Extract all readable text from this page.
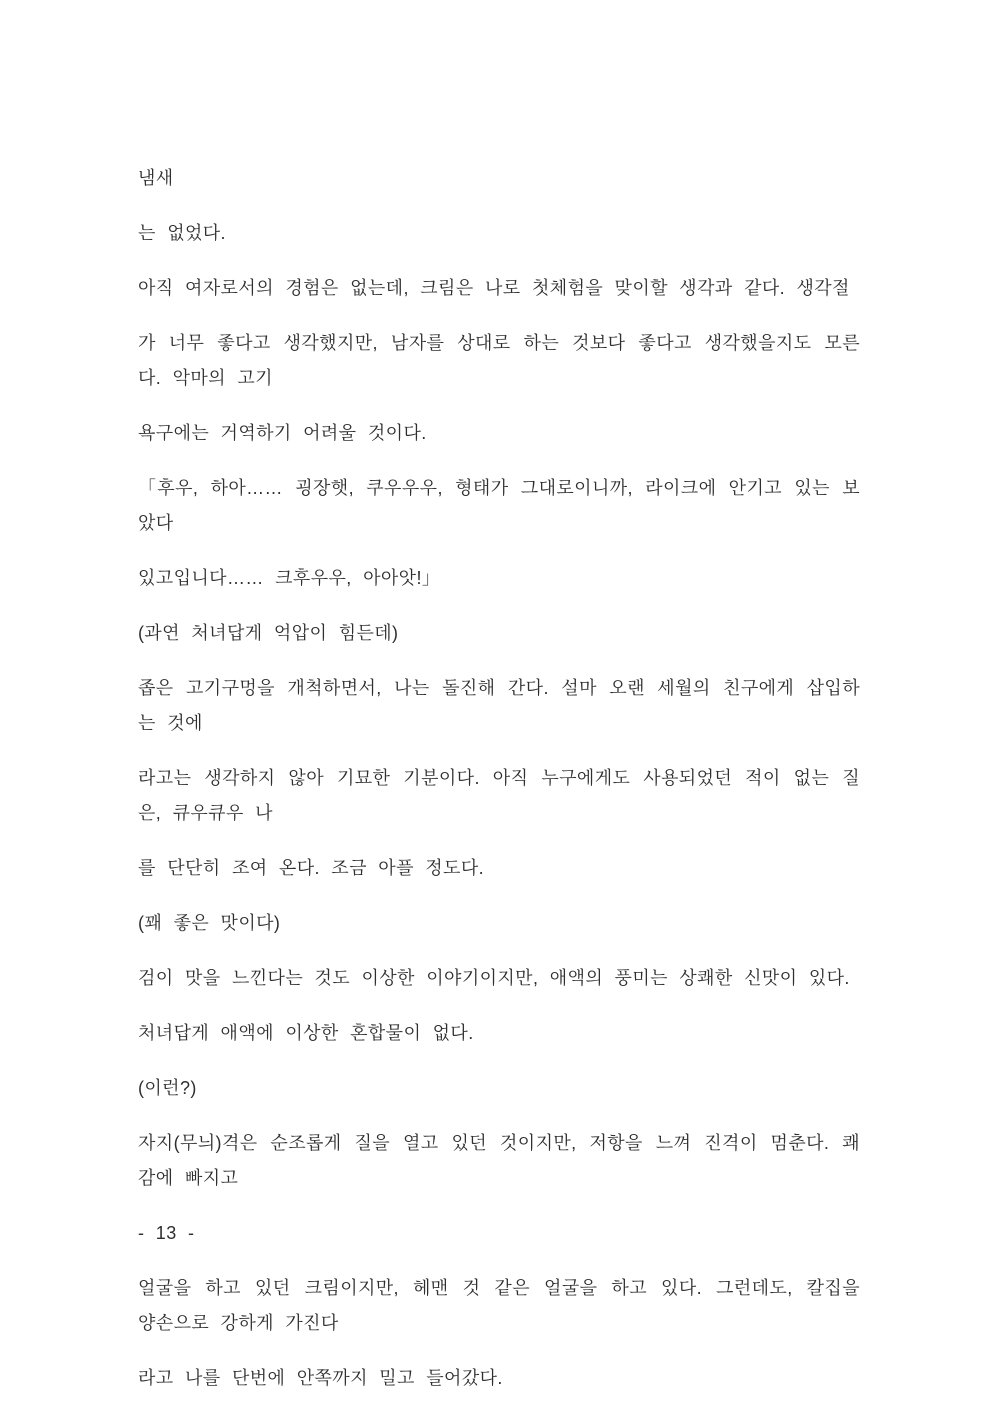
냄새

는 없었다.

아직 여자로서의 경험은 없는데, 크림은 나로 첫체험을 맞이할 생각과 같다. 생각절

가 너무 좋다고 생각했지만, 남자를 상대로 하는 것보다 좋다고 생각했을지도 모른다. 악마의 고기

욕구에는 거역하기 어려울 것이다.

「후우, 하아…… 굉장햇, 쿠우우우, 형태가 그대로이니까, 라이크에 안기고 있는 보았다

있고입니다…… 크후우우, 아아앗!」

(과연 처녀답게 억압이 힘든데)

좁은 고기구멍을 개척하면서, 나는 돌진해 간다. 설마 오랜 세월의 친구에게 삽입하는 것에

라고는 생각하지 않아 기묘한 기분이다. 아직 누구에게도 사용되었던 적이 없는 질은, 큐우큐우 나

를 단단히 조여 온다. 조금 아플 정도다.

(꽤 좋은 맛이다)

검이 맛을 느낀다는 것도 이상한 이야기이지만, 애액의 풍미는 상쾌한 신맛이 있다.

처녀답게 애액에 이상한 혼합물이 없다.

(이런?)

자지(무늬)격은 순조롭게 질을 열고 있던 것이지만, 저항을 느껴 진격이 멈춘다. 쾌감에 빠지고

- 13 -

얼굴을 하고 있던 크림이지만, 헤맨 것 같은 얼굴을 하고 있다. 그런데도, 칼집을 양손으로 강하게 가진다

라고 나를 단번에 안쪽까지 밀고 들어갔다.
